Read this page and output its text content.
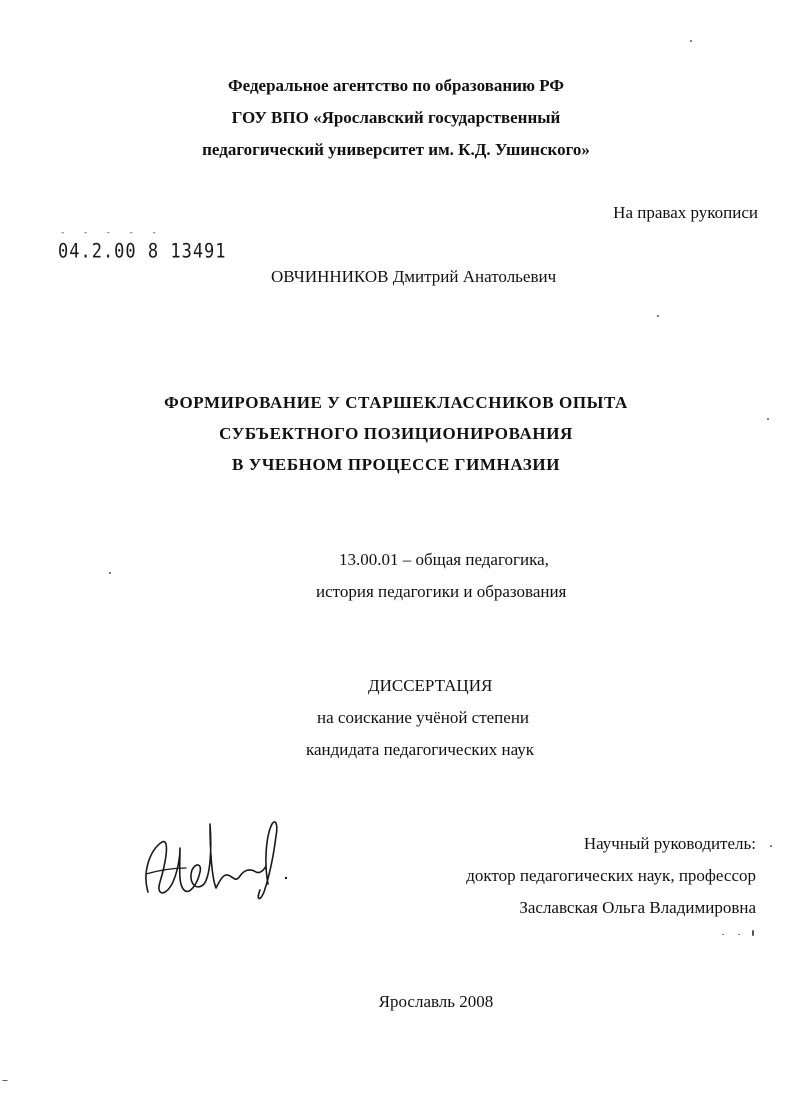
Федеральное агентство по образованию РФ
ГОУ ВПО «Ярославский государственный
педагогический университет им. К.Д. Ушинского»
На правах рукописи
- - - - -
04.2.00 8 13491
ОВЧИННИКОВ Дмитрий Анатольевич
ФОРМИРОВАНИЕ У СТАРШЕКЛАССНИКОВ ОПЫТА
СУБЪЕКТНОГО ПОЗИЦИОНИРОВАНИЯ
В УЧЕБНОМ ПРОЦЕССЕ ГИМНАЗИИ
13.00.01 – общая педагогика,
история педагогики и образования
ДИССЕРТАЦИЯ
на соискание учёной степени
кандидата педагогических наук
Научный руководитель:
доктор педагогических наук, профессор
Заславская Ольга Владимировна
Ярославль 2008
